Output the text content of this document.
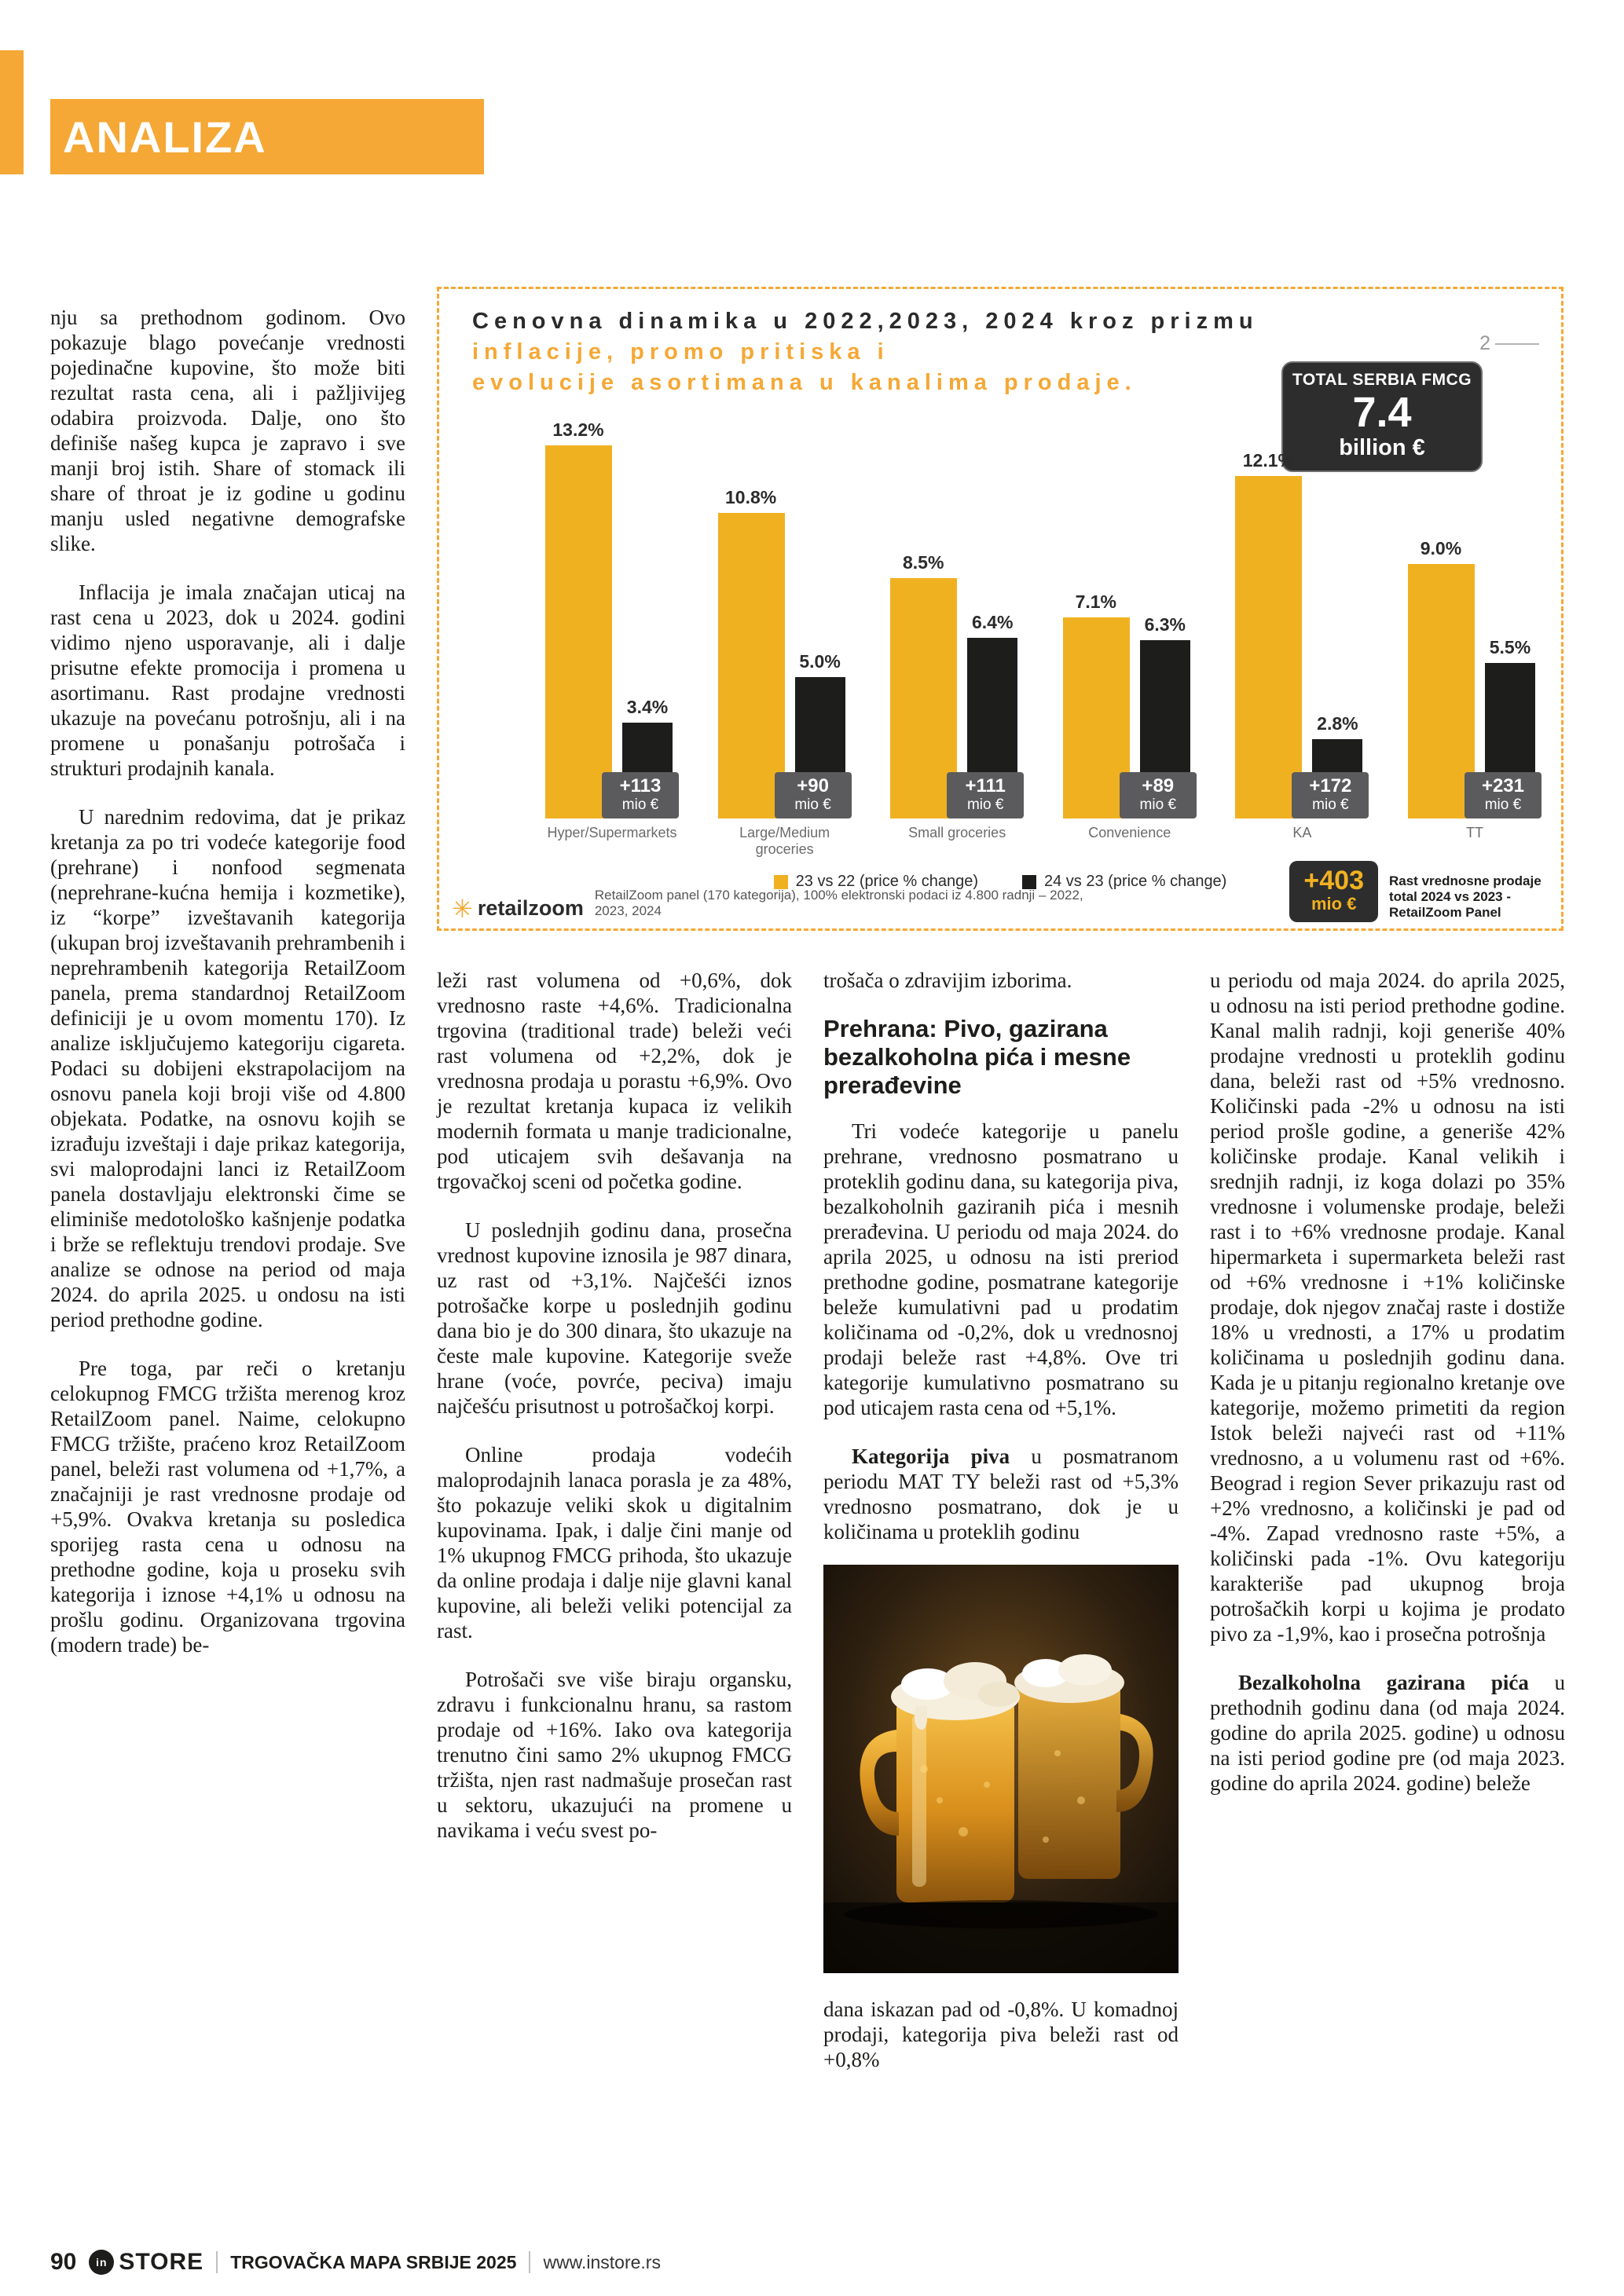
ANALIZA
Cenovna dinamika u 2022,2023, 2024 kroz prizmu
inflacije, promo pritiska i
evolucije asortimana u kanalima prodaje.
2
TOTAL SERBIA FMCG
7.4
billion €
13.2%
3.4%
+113
mio €
10.8%
5.0%
+90
mio €
8.5%
6.4%
+111
mio €
7.1%
6.3%
+89
mio €
12.1%
2.8%
+172
mio €
9.0%
5.5%
+231
mio €
Hyper/Supermarkets	Large/Medium groceries
Small groceries	Convenience	KA	TT
23 vs 22 (price % change)	24 vs 23 (price % change)
✳ retailzoom
RetailZoom panel (170 kategorija), 100% elektronski podaci iz 4.800 radnji – 2022, 2023, 2024
+403
mio €
Rast vrednosne prodaje total 2024 vs 2023 - RetailZoom Panel

nju sa prethodnom godinom. Ovo pokazuje blago povećanje vrednosti pojedinačne kupovine, što može biti rezultat rasta cena, ali i pažljivijeg odabira proizvoda. Dalje, ono što definiše našeg kupca je zapravo i sve manji broj istih. Share of stomack ili share of throat je iz godine u godinu manju usled negativne demografske slike.

Inflacija je imala značajan uticaj na rast cena u 2023, dok u 2024. godini vidimo njeno usporavanje, ali i dalje prisutne efekte promocija i promena u asortimanu. Rast prodajne vrednosti ukazuje na povećanu potrošnju, ali i na promene u ponašanju potrošača i strukturi prodajnih kanala.

U narednim redovima, dat je prikaz kretanja za po tri vodeće kategorije food (prehrane) i nonfood segmenata (neprehrane-kućna hemija i kozmetike), iz “korpe” izveštavanih kategorija (ukupan broj izveštavanih prehrambenih i neprehrambenih kategorija RetailZoom panela, prema standardnoj RetailZoom definiciji je u ovom momentu 170). Iz analize isključujemo kategoriju cigareta. Podaci su dobijeni ekstrapolacijom na osnovu panela koji broji više od 4.800 objekata. Podatke, na osnovu kojih se izrađuju izveštaji i daje prikaz kategorija, svi maloprodajni lanci iz RetailZoom panela dostavljaju elektronski čime se eliminiše medotološko kašnjenje podatka i brže se reflektuju trendovi prodaje. Sve analize se odnose na period od maja 2024. do aprila 2025. u ondosu na isti period prethodne godine.

Pre toga, par reči o kretanju celokupnog FMCG tržišta merenog kroz RetailZoom panel. Naime, celokupno FMCG tržište, praćeno kroz RetailZoom panel, beleži rast volumena od +1,7%, a značajniji je rast vrednosne prodaje od +5,9%. Ovakva kretanja su posledica sporijeg rasta cena u odnosu na prethodne godine, koja u proseku svih kategorija i iznose +4,1% u odnosu na prošlu godinu. Organizovana trgovina (modern trade) be-

leži rast volumena od +0,6%, dok vrednosno raste +4,6%. Tradicionalna trgovina (traditional trade) beleži veći rast volumena od +2,2%, dok je vrednosna prodaja u porastu +6,9%. Ovo je rezultat kretanja kupaca iz velikih modernih formata u manje tradicionalne, pod uticajem svih dešavanja na trgovačkoj sceni od početka godine.

U poslednjih godinu dana, prosečna vrednost kupovine iznosila je 987 dinara, uz rast od +3,1%. Najčešći iznos potrošačke korpe u poslednjih godinu dana bio je do 300 dinara, što ukazuje na česte male kupovine. Kategorije sveže hrane (voće, povrće, peciva) imaju najčešću prisutnost u potrošačkoj korpi.

Online prodaja vodećih maloprodajnih lanaca porasla je za 48%, što pokazuje veliki skok u digitalnim kupovinama. Ipak, i dalje čini manje od 1% ukupnog FMCG prihoda, što ukazuje da online prodaja i dalje nije glavni kanal kupovine, ali beleži veliki potencijal za rast.

Potrošači sve više biraju organsku, zdravu i funkcionalnu hranu, sa rastom prodaje od +16%. Iako ova kategorija trenutno čini samo 2% ukupnog FMCG tržišta, njen rast nadmašuje prosečan rast u sektoru, ukazujući na promene u navikama i veću svest po-

trošača o zdravijim izborima.

Prehrana: Pivo, gazirana bezalkoholna pića i mesne prerađevine

Tri vodeće kategorije u panelu prehrane, vrednosno posmatrano u proteklih godinu dana, su kategorija piva, bezalkoholnih gaziranih pića i mesnih prerađevina. U periodu od maja 2024. do aprila 2025, u odnosu na isti preriod prethodne godine, posmatrane kategorije beleže kumulativni pad u prodatim količinama od -0,2%, dok u vrednosnoj prodaji beleže rast +4,8%. Ove tri kategorije kumulativno posmatrano su pod uticajem rasta cena od +5,1%.

Kategorija piva u posmatranom periodu MAT TY beleži rast od +5,3% vrednosno posmatrano, dok je u količinama u proteklih godinu

dana iskazan pad od -0,8%. U komadnoj prodaji, kategorija piva beleži rast od +0,8%

u periodu od maja 2024. do aprila 2025, u odnosu na isti period prethodne godine. Kanal malih radnji, koji generiše 40% prodajne vrednosti u proteklih godinu dana, beleži rast od +5% vrednosno. Količinski pada -2% u odnosu na isti period prošle godine, a generiše 42% količinske prodaje. Kanal velikih i srednjih radnji, iz koga dolazi po 35% vrednosne i volumenske prodaje, beleži rast i to +6% vrednosne prodaje. Kanal hipermarketa i supermarketa beleži rast od +6% vrednosne i +1% količinske prodaje, dok njegov značaj raste i dostiže 18% u vrednosti, a 17% u prodatim količinama u poslednjih godinu dana. Kada je u pitanju regionalno kretanje ove kategorije, možemo primetiti da region Istok beleži najveći rast od +11% vrednosno, a u volumenu rast od +6%. Beograd i region Sever prikazuju rast od +2% vrednosno, a količinski je pad od -4%. Zapad vrednosno raste +5%, a količinski pada -1%. Ovu kategoriju karakteriše pad ukupnog broja potrošačkih korpi u kojima je prodato pivo za -1,9%, kao i prosečna potrošnja

Bezalkoholna gazirana pića u prethodnih godinu dana (od maja 2024. godine do aprila 2025. godine) u odnosu na isti period godine pre (od maja 2023. godine do aprila 2024. godine) beleže

90	in STORE TRGOVAČKA MAPA SRBIJE 2025 www.instore.rs
